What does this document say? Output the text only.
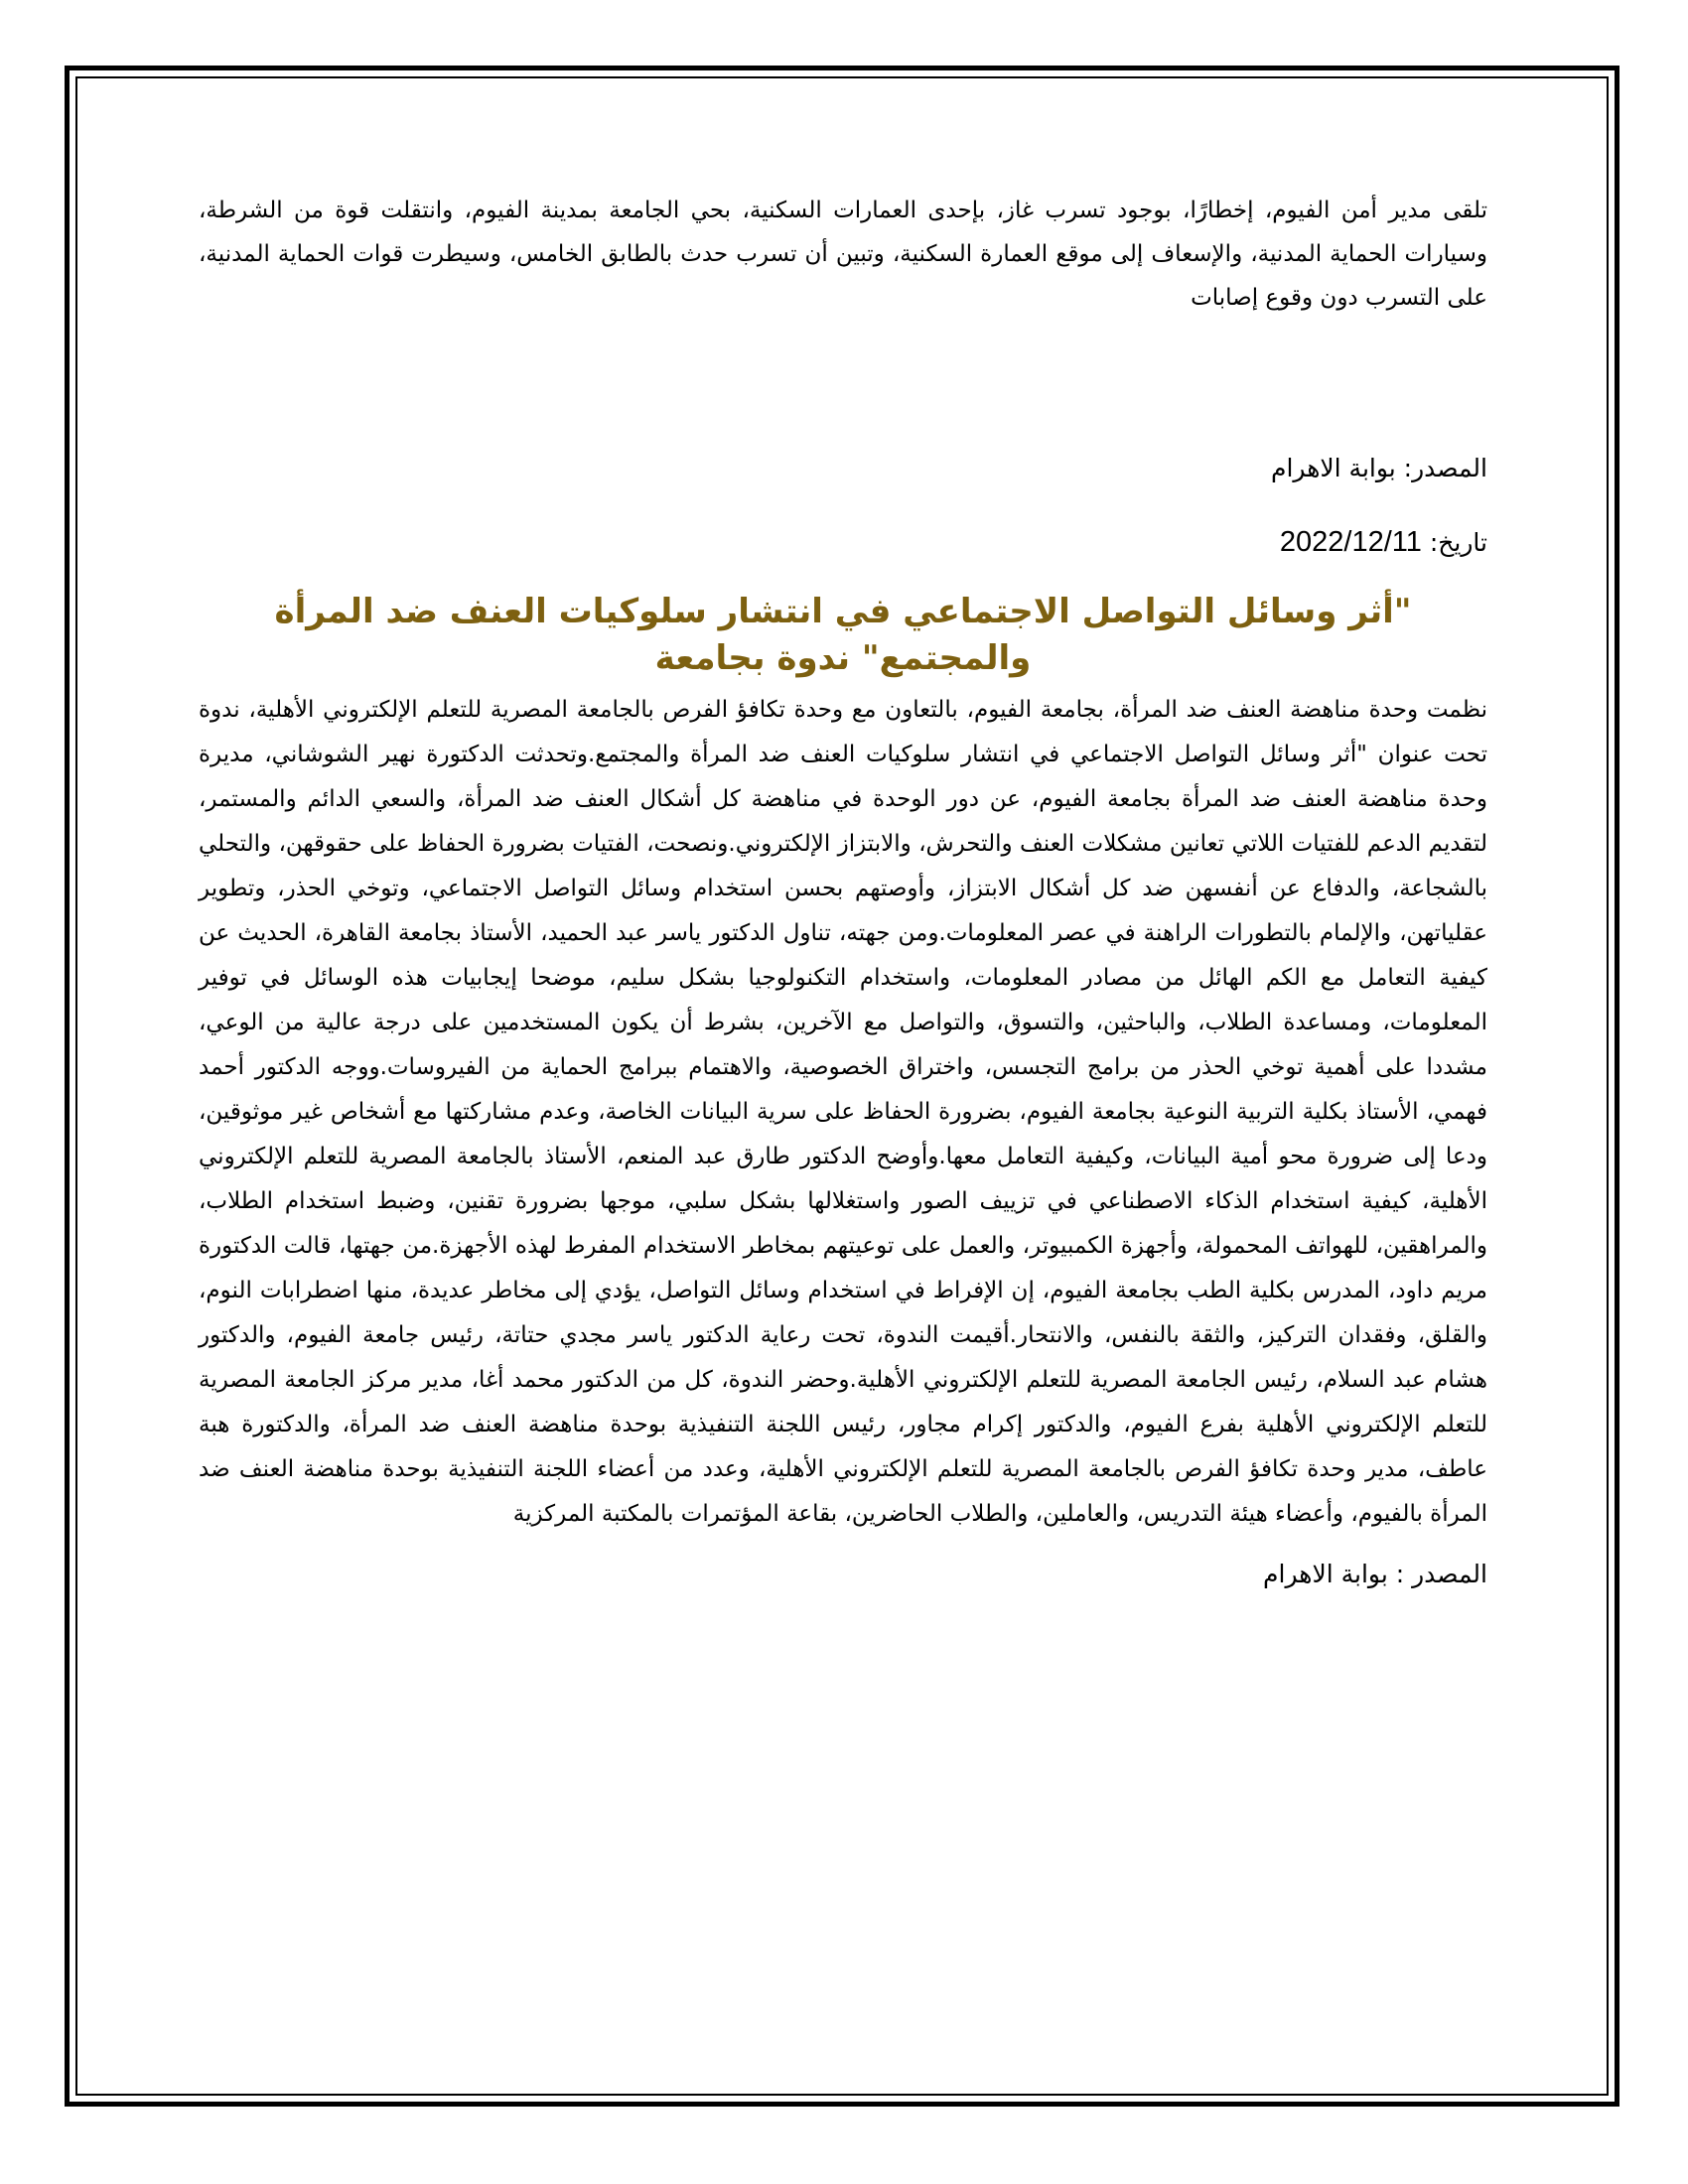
تلقى مدير أمن الفيوم، إخطارًا، بوجود تسرب غاز، بإحدى العمارات السكنية، بحي الجامعة بمدينة الفيوم، وانتقلت قوة من الشرطة، وسيارات الحماية المدنية، والإسعاف إلى موقع العمارة السكنية، وتبين أن تسرب حدث بالطابق الخامس، وسيطرت قوات الحماية المدنية، على التسرب دون وقوع إصابات

المصدر: بوابة الاهرام

تاريخ: 2022/12/11

"أثر وسائل التواصل الاجتماعي في انتشار سلوكيات العنف ضد المرأة والمجتمع" ندوة بجامعة

نظمت وحدة مناهضة العنف ضد المرأة، بجامعة الفيوم، بالتعاون مع وحدة تكافؤ الفرص بالجامعة المصرية للتعلم الإلكتروني الأهلية، ندوة تحت عنوان "أثر وسائل التواصل الاجتماعي في انتشار سلوكيات العنف ضد المرأة والمجتمع.وتحدثت الدكتورة نهير الشوشاني، مديرة وحدة مناهضة العنف ضد المرأة بجامعة الفيوم، عن دور الوحدة في مناهضة كل أشكال العنف ضد المرأة، والسعي الدائم والمستمر، لتقديم الدعم للفتيات اللاتي تعانين مشكلات العنف والتحرش، والابتزاز الإلكتروني.ونصحت، الفتيات بضرورة الحفاظ على حقوقهن، والتحلي بالشجاعة، والدفاع عن أنفسهن ضد كل أشكال الابتزاز، وأوصتهم بحسن استخدام وسائل التواصل الاجتماعي، وتوخي الحذر، وتطوير عقلياتهن، والإلمام بالتطورات الراهنة في عصر المعلومات.ومن جهته، تناول الدكتور ياسر عبد الحميد، الأستاذ بجامعة القاهرة، الحديث عن كيفية التعامل مع الكم الهائل من مصادر المعلومات، واستخدام التكنولوجيا بشكل سليم، موضحا إيجابيات هذه الوسائل في توفير المعلومات، ومساعدة الطلاب، والباحثين، والتسوق، والتواصل مع الآخرين، بشرط أن يكون المستخدمين على درجة عالية من الوعي، مشددا على أهمية توخي الحذر من برامج التجسس، واختراق الخصوصية، والاهتمام ببرامج الحماية من الفيروسات.ووجه الدكتور أحمد فهمي، الأستاذ بكلية التربية النوعية بجامعة الفيوم، بضرورة الحفاظ على سرية البيانات الخاصة، وعدم مشاركتها مع أشخاص غير موثوقين، ودعا إلى ضرورة محو أمية البيانات، وكيفية التعامل معها.وأوضح الدكتور طارق عبد المنعم، الأستاذ بالجامعة المصرية للتعلم الإلكتروني الأهلية، كيفية استخدام الذكاء الاصطناعي في تزييف الصور واستغلالها بشكل سلبي، موجها بضرورة تقنين، وضبط استخدام الطلاب، والمراهقين، للهواتف المحمولة، وأجهزة الكمبيوتر، والعمل على توعيتهم بمخاطر الاستخدام المفرط لهذه الأجهزة.من جهتها، قالت الدكتورة مريم داود، المدرس بكلية الطب بجامعة الفيوم، إن الإفراط في استخدام وسائل التواصل، يؤدي إلى مخاطر عديدة، منها اضطرابات النوم، والقلق، وفقدان التركيز، والثقة بالنفس، والانتحار.أقيمت الندوة، تحت رعاية الدكتور ياسر مجدي حتاتة، رئيس جامعة الفيوم، والدكتور هشام عبد السلام، رئيس الجامعة المصرية للتعلم الإلكتروني الأهلية.وحضر الندوة، كل من الدكتور محمد أغا، مدير مركز الجامعة المصرية للتعلم الإلكتروني الأهلية بفرع الفيوم، والدكتور إكرام مجاور، رئيس اللجنة التنفيذية بوحدة مناهضة العنف ضد المرأة، والدكتورة هبة عاطف، مدير وحدة تكافؤ الفرص بالجامعة المصرية للتعلم الإلكتروني الأهلية، وعدد من أعضاء اللجنة التنفيذية بوحدة مناهضة العنف ضد المرأة بالفيوم، وأعضاء هيئة التدريس، والعاملين، والطلاب الحاضرين، بقاعة المؤتمرات بالمكتبة المركزية

المصدر : بوابة الاهرام
